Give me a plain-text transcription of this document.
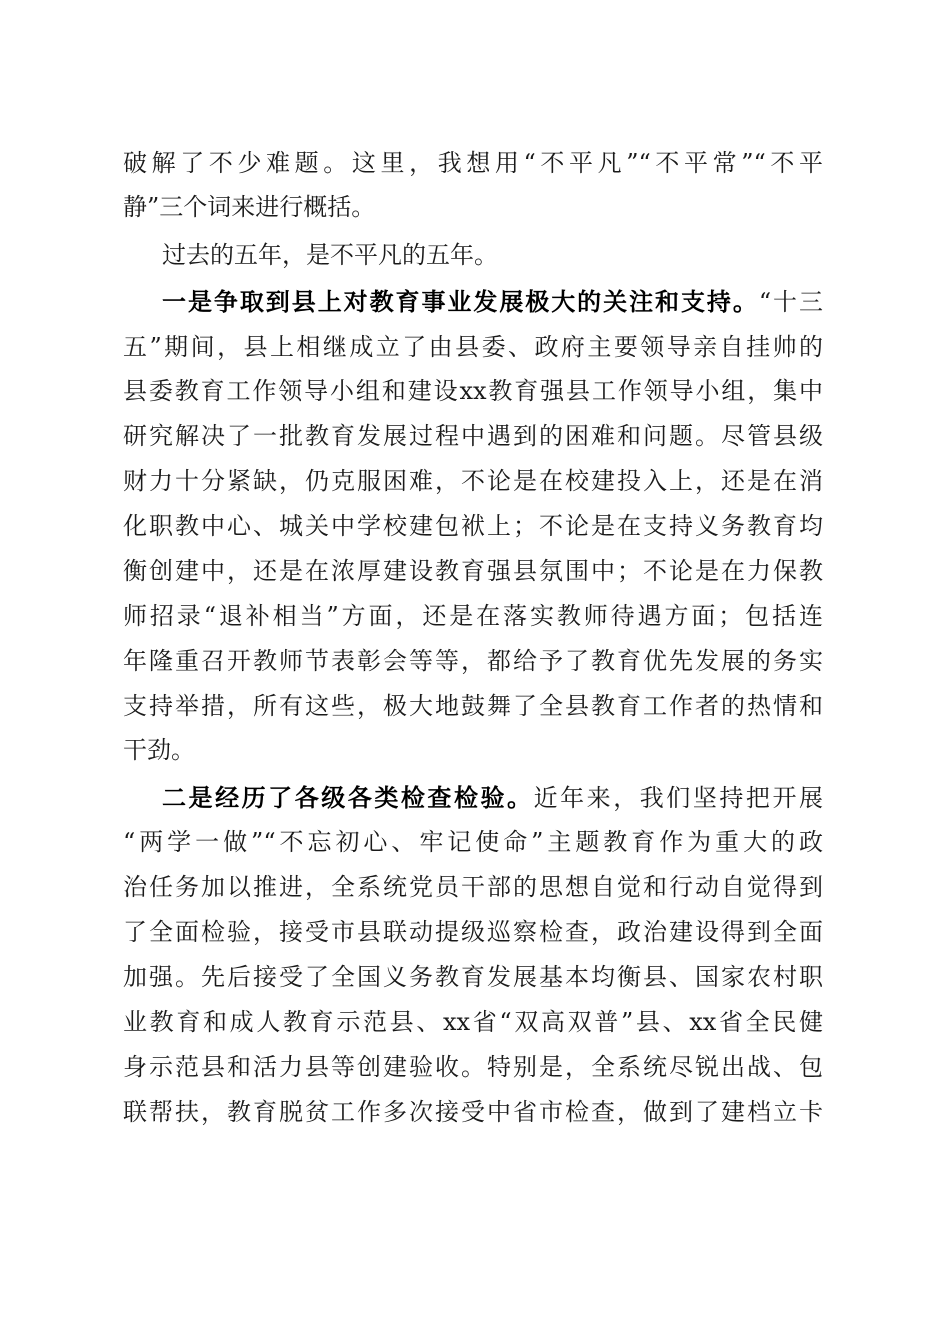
破解了不少难题。这里，我想用“不平凡”“不平常”“不平
静”三个词来进行概括。
过去的五年，是不平凡的五年。
一是争取到县上对教育事业发展极大的关注和支持。“十三
五”期间，县上相继成立了由县委、政府主要领导亲自挂帅的
县委教育工作领导小组和建设xx教育强县工作领导小组，集中
研究解决了一批教育发展过程中遇到的困难和问题。尽管县级
财力十分紧缺，仍克服困难，不论是在校建投入上，还是在消
化职教中心、城关中学校建包袱上；不论是在支持义务教育均
衡创建中，还是在浓厚建设教育强县氛围中；不论是在力保教
师招录“退补相当”方面，还是在落实教师待遇方面；包括连
年隆重召开教师节表彰会等等，都给予了教育优先发展的务实
支持举措，所有这些，极大地鼓舞了全县教育工作者的热情和
干劲。
二是经历了各级各类检查检验。近年来，我们坚持把开展
“两学一做”“不忘初心、牢记使命”主题教育作为重大的政
治任务加以推进，全系统党员干部的思想自觉和行动自觉得到
了全面检验，接受市县联动提级巡察检查，政治建设得到全面
加强。先后接受了全国义务教育发展基本均衡县、国家农村职
业教育和成人教育示范县、xx省“双高双普”县、xx省全民健
身示范县和活力县等创建验收。特别是，全系统尽锐出战、包
联帮扶，教育脱贫工作多次接受中省市检查，做到了建档立卡
